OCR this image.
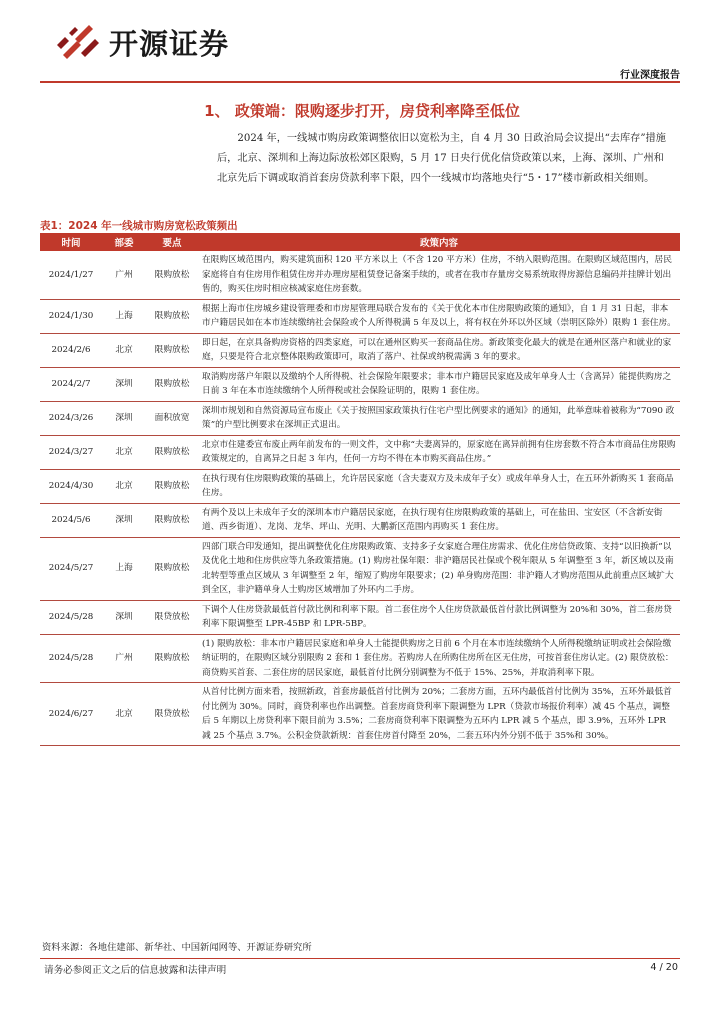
开源证券
行业深度报告
1、 政策端：限购逐步打开，房贷利率降至低位

2024 年，一线城市购房政策调整依旧以宽松为主，自 4 月 30 日政治局会议提出“去库存”措施后，北京、深圳和上海边际放松郊区限购，5 月 17 日央行优化信贷政策以来，上海、深圳、广州和北京先后下调或取消首套房贷款利率下限，四个一线城市均落地央行“5・17”楼市新政相关细则。

表1：2024 年一线城市购房宽松政策频出
时间	部委	要点	政策内容
2024/1/27	广州	限购放松	在限购区域范围内，购买建筑面积 120 平方米以上（不含 120 平方米）住房，不纳入限购范围。在限购区域范围内，居民家庭将自有住房用作租赁住房并办理房屋租赁登记备案手续的，或者在我市存量房交易系统取得房源信息编码并挂牌计划出售的，购买住房时相应核减家庭住房套数。
2024/1/30	上海	限购放松	根据上海市住房城乡建设管理委和市房屋管理局联合发布的《关于优化本市住房限购政策的通知》，自 1 月 31 日起，非本市户籍居民如在本市连续缴纳社会保险或个人所得税满 5 年及以上，将有权在外环以外区域（崇明区除外）限购 1 套住房。
2024/2/6	北京	限购放松	即日起，在京具备购房资格的四类家庭，可以在通州区购买一套商品住房。新政策变化最大的就是在通州区落户和就业的家庭，只要是符合北京整体限购政策即可，取消了落户、社保或纳税需满 3 年的要求。
2024/2/7	深圳	限购放松	取消购房落户年限以及缴纳个人所得税、社会保险年限要求；非本市户籍居民家庭及成年单身人士（含离异）能提供购房之日前 3 年在本市连续缴纳个人所得税或社会保险证明的，限购 1 套住房。
2024/3/26	深圳	面积放宽	深圳市规划和自然资源局宣布废止《关于按照国家政策执行住宅户型比例要求的通知》的通知，此举意味着被称为“7090 政策”的户型比例要求在深圳正式退出。
2024/3/27	北京	限购放松	北京市住建委宣布废止两年前发布的一则文件，文中称“夫妻离异的，原家庭在离异前拥有住房套数不符合本市商品住房限购政策规定的，自离异之日起 3 年内，任何一方均不得在本市购买商品住房。”
2024/4/30	北京	限购放松	在执行现有住房限购政策的基础上，允许居民家庭（含夫妻双方及未成年子女）或成年单身人士，在五环外新购买 1 套商品住房。
2024/5/6	深圳	限购放松	有两个及以上未成年子女的深圳本市户籍居民家庭，在执行现有住房限购政策的基础上，可在盐田、宝安区（不含新安街道、西乡街道）、龙岗、龙华、坪山、光明、大鹏新区范围内再购买 1 套住房。
2024/5/27	上海	限购放松	四部门联合印发通知，提出调整优化住房限购政策、支持多子女家庭合理住房需求、优化住房信贷政策、支持“以旧换新”以及优化土地和住房供应等九条政策措施。(1) 购房社保年限：非沪籍居民社保或个税年限从 5 年调整至 3 年，新区域以及南北转型等重点区域从 3 年调整至 2 年，缩短了购房年限要求；(2) 单身购房范围：非沪籍人才购房范围从此前重点区域扩大到全区，非沪籍单身人士购房区域增加了外环内二手房。
2024/5/28	深圳	限贷放松	下调个人住房贷款最低首付款比例和利率下限。首二套住房个人住房贷款最低首付款比例调整为 20%和 30%，首二套房贷利率下限调整至 LPR-45BP 和 LPR-5BP。
2024/5/28	广州	限购放松	(1) 限购放松：非本市户籍居民家庭和单身人士能提供购房之日前 6 个月在本市连续缴纳个人所得税缴纳证明或社会保险缴纳证明的，在限购区域分别限购 2 套和 1 套住房。若购房人在所购住房所在区无住房，可按首套住房认定。(2) 限贷放松：商贷购买首套、二套住房的居民家庭，最低首付比例分别调整为不低于 15%、25%，并取消利率下限。
2024/6/27	北京	限贷放松	从首付比例方面来看，按照新政，首套房最低首付比例为 20%；二套房方面，五环内最低首付比例为 35%，五环外最低首付比例为 30%。同时，商贷利率也作出调整。首套房商贷利率下限调整为 LPR（贷款市场报价利率）减 45 个基点，调整后 5 年期以上房贷利率下限目前为 3.5%；二套房商贷利率下限调整为五环内 LPR 减 5 个基点，即 3.9%，五环外 LPR 减 25 个基点 3.7%。公积金贷款新规：首套住房首付降至 20%，二套五环内外分别不低于 35%和 30%。
资料来源：各地住建部、新华社、中国新闻网等、开源证券研究所
请务必参阅正文之后的信息披露和法律声明	4 / 20
